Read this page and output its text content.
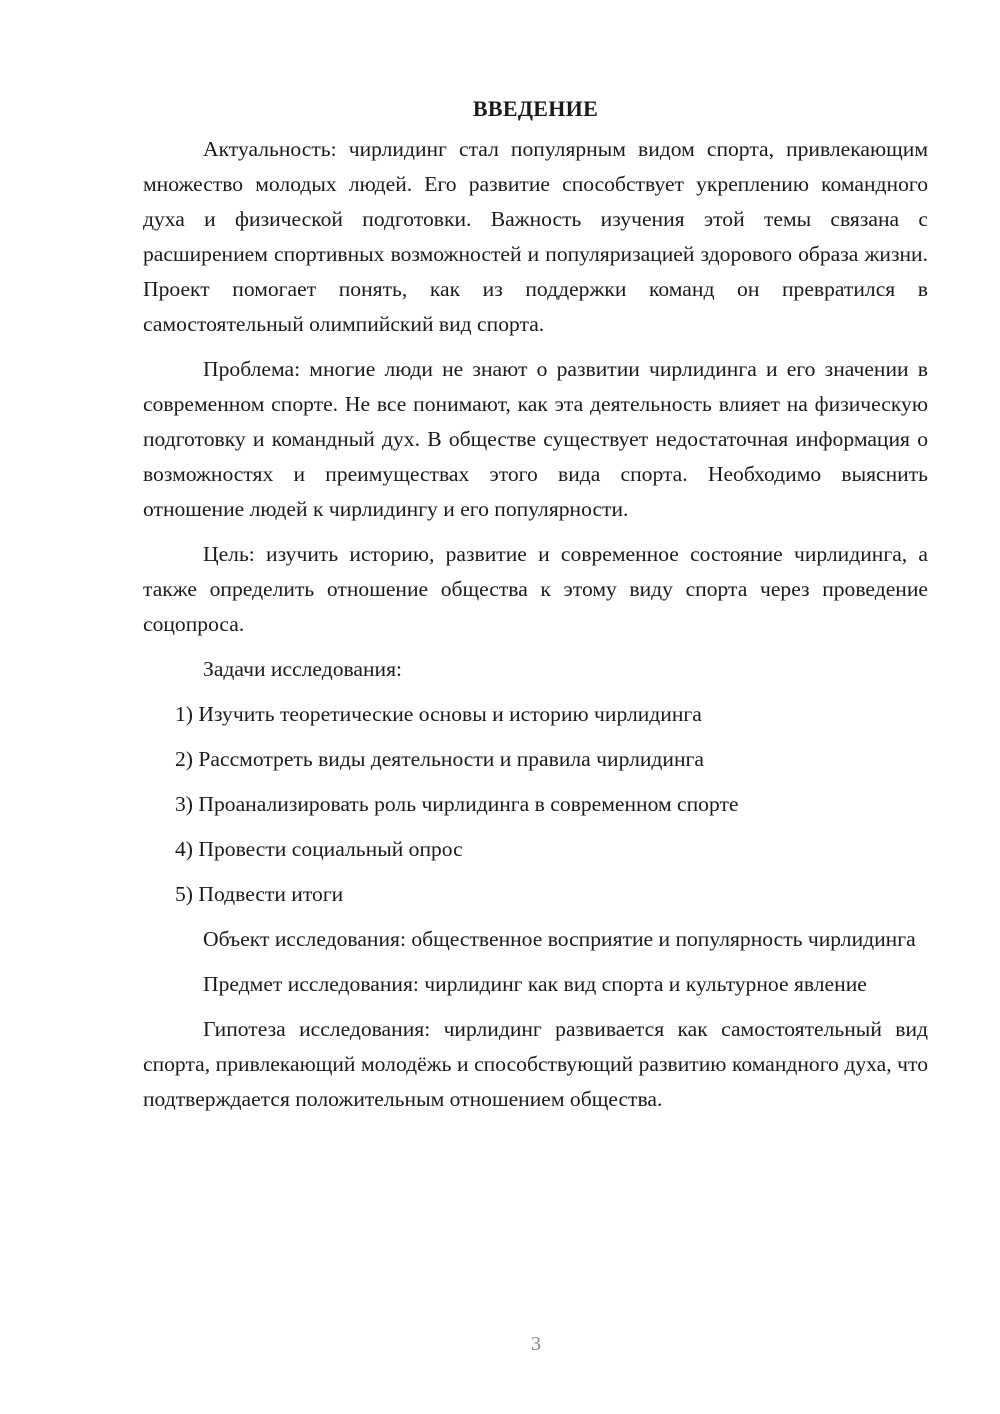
ВВЕДЕНИЕ

Актуальность: чирлидинг стал популярным видом спорта, привлекающим множество молодых людей. Его развитие способствует укреплению командного духа и физической подготовки. Важность изучения этой темы связана с расширением спортивных возможностей и популяризацией здорового образа жизни. Проект помогает понять, как из поддержки команд он превратился в самостоятельный олимпийский вид спорта.

Проблема: многие люди не знают о развитии чирлидинга и его значении в современном спорте. Не все понимают, как эта деятельность влияет на физическую подготовку и командный дух. В обществе существует недостаточная информация о возможностях и преимуществах этого вида спорта. Необходимо выяснить отношение людей к чирлидингу и его популярности.

Цель: изучить историю, развитие и современное состояние чирлидинга, а также определить отношение общества к этому виду спорта через проведение соцопроса.

Задачи исследования:

1) Изучить теоретические основы и историю чирлидинга

2) Рассмотреть виды деятельности и правила чирлидинга

3) Проанализировать роль чирлидинга в современном спорте

4) Провести социальный опрос

5) Подвести итоги

Объект исследования: общественное восприятие и популярность чирлидинга

Предмет исследования: чирлидинг как вид спорта и культурное явление

Гипотеза исследования: чирлидинг развивается как самостоятельный вид спорта, привлекающий молодёжь и способствующий развитию командного духа, что подтверждается положительным отношением общества.

3
